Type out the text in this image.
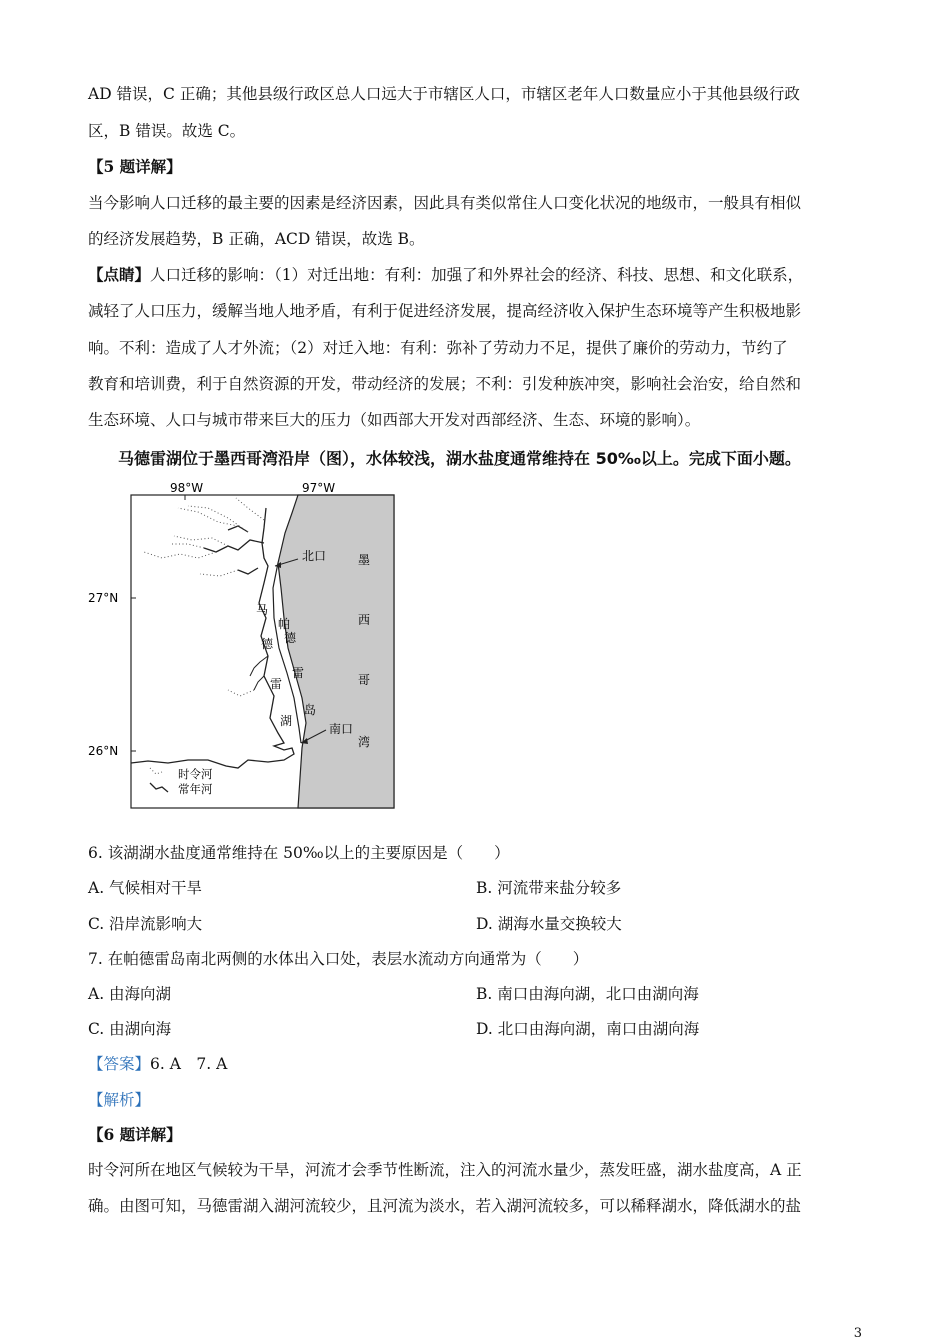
AD 错误，C 正确；其他县级行政区总人口远大于市辖区人口，市辖区老年人口数量应小于其他县级行政
区，B 错误。故选 C。
【5 题详解】
当今影响人口迁移的最主要的因素是经济因素，因此具有类似常住人口变化状况的地级市，一般具有相似
的经济发展趋势，B 正确，ACD 错误，故选 B。
【点睛】人口迁移的影响：（1）对迁出地：有利：加强了和外界社会的经济、科技、思想、和文化联系，
减轻了人口压力，缓解当地人地矛盾，有利于促进经济发展，提高经济收入保护生态环境等产生积极地影
响。不利：造成了人才外流；（2）对迁入地：有利：弥补了劳动力不足，提供了廉价的劳动力，节约了
教育和培训费，利于自然资源的开发，带动经济的发展；不利：引发种族冲突，影响社会治安，给自然和
生态环境、人口与城市带来巨大的压力（如西部大开发对西部经济、生态、环境的影响）。
马德雷湖位于墨西哥湾沿岸（图），水体较浅，湖水盐度通常维持在 50‰以上。完成下面小题。
98°W	97°W
27°N
26°N
北口
南口
马
德
雷
湖
帕
德
雷
岛
墨
西
哥
湾
时令河
常年河
6. 该湖湖水盐度通常维持在 50‰以上的主要原因是（　　）
A. 气候相对干旱	B. 河流带来盐分较多
C. 沿岸流影响大	D. 湖海水量交换较大
7. 在帕德雷岛南北两侧的水体出入口处，表层水流动方向通常为（　　）
A. 由海向湖	B. 南口由海向湖，北口由湖向海
C. 由湖向海	D. 北口由海向湖，南口由湖向海
【答案】6. A　7. A
【解析】
【6 题详解】
时令河所在地区气候较为干旱，河流才会季节性断流，注入的河流水量少，蒸发旺盛，湖水盐度高，A 正
确。由图可知，马德雷湖入湖河流较少，且河流为淡水，若入湖河流较多，可以稀释湖水，降低湖水的盐
3
